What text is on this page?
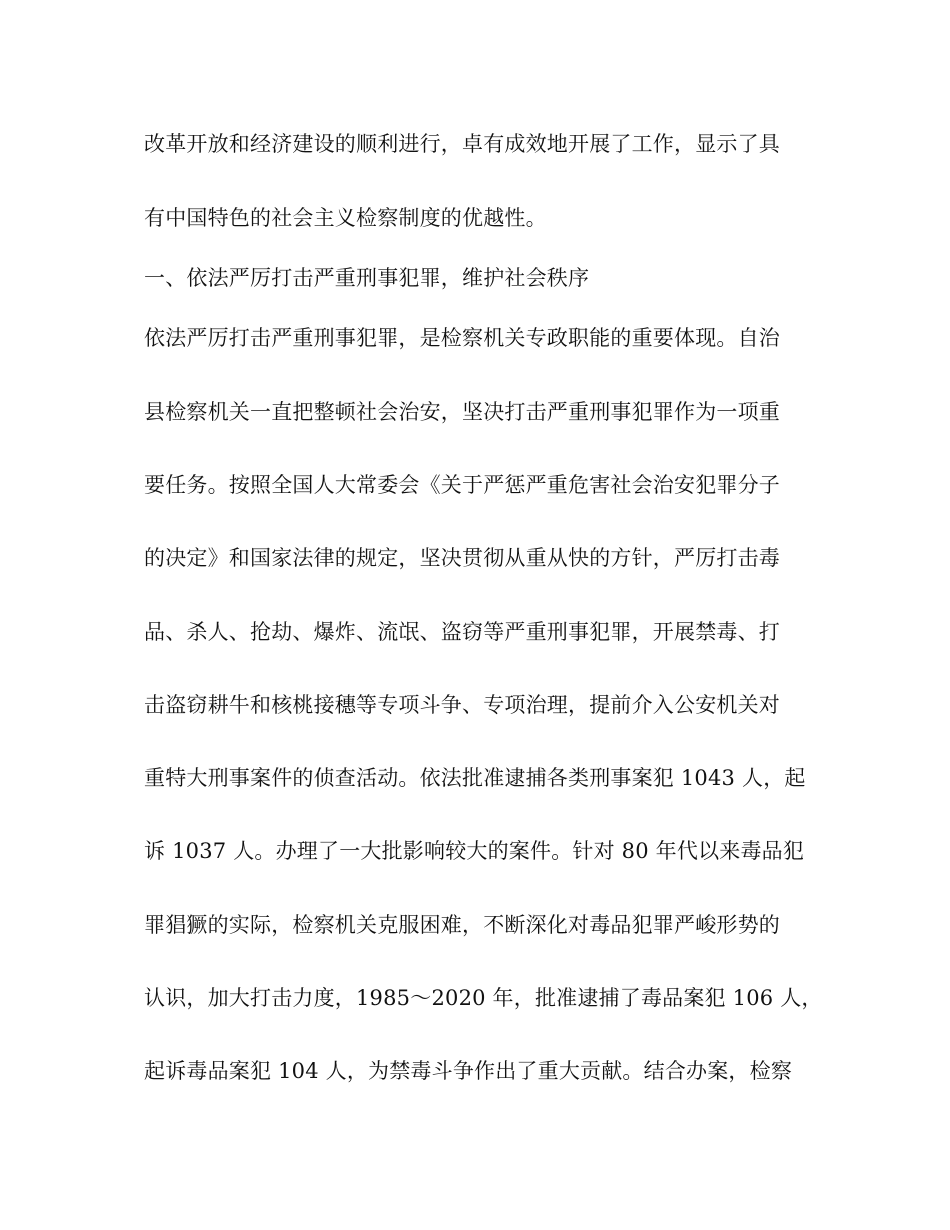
改革开放和经济建设的顺利进行，卓有成效地开展了工作，显示了具
有中国特色的社会主义检察制度的优越性。
一、依法严厉打击严重刑事犯罪，维护社会秩序
依法严厉打击严重刑事犯罪，是检察机关专政职能的重要体现。自治
县检察机关一直把整顿社会治安，坚决打击严重刑事犯罪作为一项重
要任务。按照全国人大常委会《关于严惩严重危害社会治安犯罪分子
的决定》和国家法律的规定，坚决贯彻从重从快的方针，严厉打击毒
品、杀人、抢劫、爆炸、流氓、盗窃等严重刑事犯罪，开展禁毒、打
击盗窃耕牛和核桃接穗等专项斗争、专项治理，提前介入公安机关对
重特大刑事案件的侦查活动。依法批准逮捕各类刑事案犯 1043 人，起
诉 1037 人。办理了一大批影响较大的案件。针对 80 年代以来毒品犯
罪猖獗的实际，检察机关克服困难，不断深化对毒品犯罪严峻形势的
认识，加大打击力度，1985～2020 年，批准逮捕了毒品案犯 106 人，
起诉毒品案犯 104 人，为禁毒斗争作出了重大贡献。结合办案，检察
